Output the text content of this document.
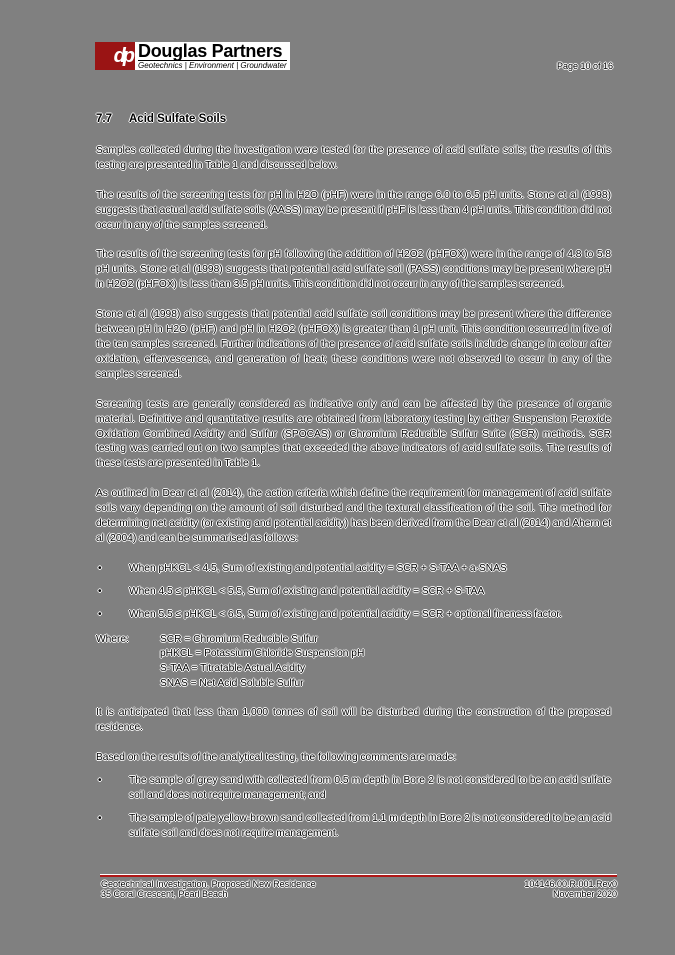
dp Douglas Partners
Geotechnics | Environment | Groundwater	Page 10 of 16
7.7 Acid Sulfate Soils

Samples collected during the investigation were tested for the presence of acid sulfate soils; the results of this testing are presented in Table 1 and discussed below.

The results of the screening tests for pH in H2O (pHF) were in the range 6.0 to 6.5 pH units. Stone et al (1998) suggests that actual acid sulfate soils (AASS) may be present if pHF is less than 4 pH units. This condition did not occur in any of the samples screened.

The results of the screening tests for pH following the addition of H2O2 (pHFOX) were in the range of 4.8 to 5.8 pH units. Stone et al (1998) suggests that potential acid sulfate soil (PASS) conditions may be present where pH in H2O2 (pHFOX) is less than 3.5 pH units. This condition did not occur in any of the samples screened.

Stone et al (1998) also suggests that potential acid sulfate soil conditions may be present where the difference between pH in H2O (pHF) and pH in H2O2 (pHFOX) is greater than 1 pH unit. This condition occurred in five of the ten samples screened. Further indications of the presence of acid sulfate soils include change in colour after oxidation, effervescence, and generation of heat; these conditions were not observed to occur in any of the samples screened.

Screening tests are generally considered as indicative only and can be affected by the presence of organic material. Definitive and quantitative results are obtained from laboratory testing by either Suspension Peroxide Oxidation Combined Acidity and Sulfur (SPOCAS) or Chromium Reducible Sulfur Suite (SCR) methods. SCR testing was carried out on two samples that exceeded the above indicators of acid sulfate soils. The results of these tests are presented in Table 1.

As outlined in Dear et al (2014), the action criteria which define the requirement for management of acid sulfate soils vary depending on the amount of soil disturbed and the textural classification of the soil. The method for determining net acidity (or existing and potential acidity) has been derived from the Dear et al (2014) and Ahern et al (2004) and can be summarised as follows:

•	When pHKCL < 4.5, Sum of existing and potential acidity = SCR + S-TAA + a·SNAS
•	When 4.5 ≤ pHKCL < 5.5, Sum of existing and potential acidity = SCR + S-TAA
•	When 5.5 ≤ pHKCL < 6.5, Sum of existing and potential acidity = SCR + optional fineness factor.
Where:	SCR = Chromium Reducible Sulfur
pHKCL = Potassium Chloride Suspension pH
S-TAA = Titratable Actual Acidity
SNAS = Net Acid Soluble Sulfur

It is anticipated that less than 1,000 tonnes of soil will be disturbed during the construction of the proposed residence.

Based on the results of the analytical testing, the following comments are made:

•	The sample of grey sand with collected from 0.5 m depth in Bore 2 is not considered to be an acid sulfate soil and does not require management; and
•	The sample of pale yellow-brown sand collected from 1.1 m depth in Bore 2 is not considered to be an acid sulfate soil and does not require management.
Geotechnical Investigation, Proposed New Residence
35 Coral Crescent, Pearl Beach
104146.00.R.001.Rev0
November 2020
